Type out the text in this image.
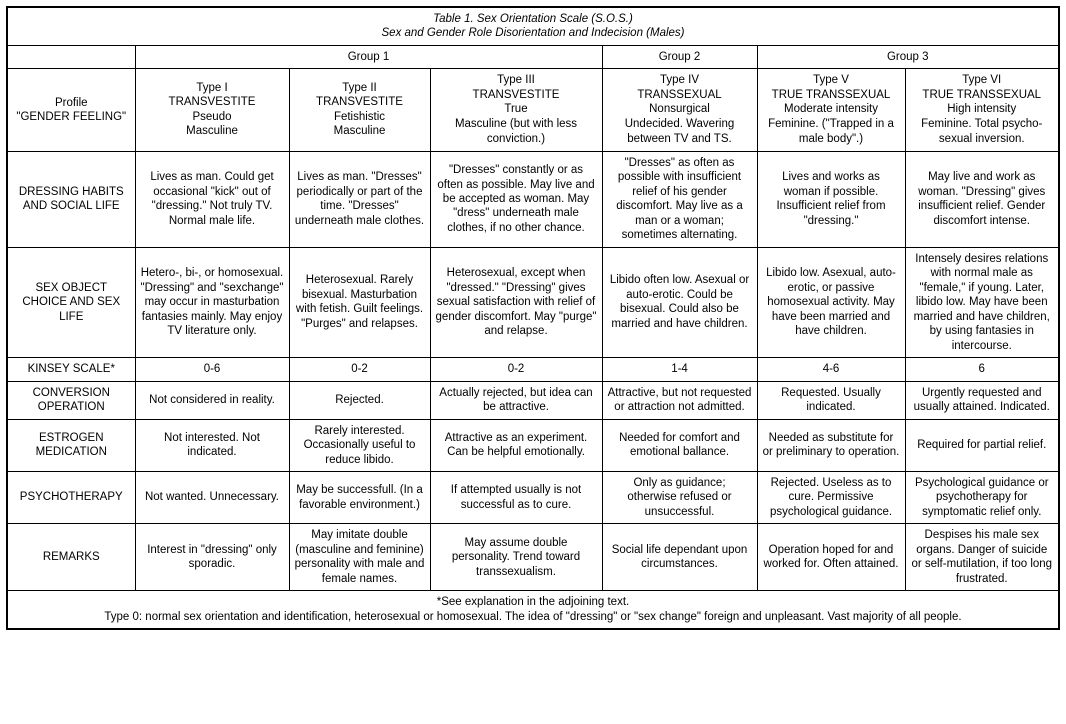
Table 1. Sex Orientation Scale (S.O.S.)
Sex and Gender Role Disorientation and Indecision (Males)						

	Group 1			Group 2	Group 3	

Profile
"GENDER FEELING"	Type I
TRANSVESTITE
Pseudo
Masculine	Type II
TRANSVESTITE
Fetishistic
Masculine	Type III
TRANSVESTITE
True
Masculine (but with less conviction.)	Type IV
TRANSSEXUAL
Nonsurgical
Undecided. Wavering between TV and TS.	Type V
TRUE TRANSSEXUAL
Moderate intensity
Feminine. ("Trapped in a male body".)	Type VI
TRUE TRANSSEXUAL
High intensity
Feminine. Total psycho-sexual inversion.

DRESSING HABITS AND SOCIAL LIFE	Lives as man. Could get occasional "kick" out of "dressing." Not truly TV. Normal male life.	Lives as man. "Dresses" periodically or part of the time. "Dresses" underneath male clothes.	"Dresses" constantly or as often as possible. May live and be accepted as woman. May "dress" underneath male clothes, if no other chance.	"Dresses" as often as possible with insufficient relief of his gender discomfort. May live as a man or a woman; sometimes alternating.	Lives and works as woman if possible. Insufficient relief from "dressing."	May live and work as woman. "Dressing" gives insufficient relief. Gender discomfort intense.
SEX OBJECT CHOICE AND SEX LIFE	Hetero-, bi-, or homosexual. "Dressing" and "sexchange" may occur in masturbation fantasies mainly. May enjoy TV literature only.	Heterosexual. Rarely bisexual. Masturbation with fetish. Guilt feelings. "Purges" and relapses.	Heterosexual, except when "dressed." "Dressing" gives sexual satisfaction with relief of gender discomfort. May "purge" and relapse.	Libido often low. Asexual or auto-erotic. Could be bisexual. Could also be married and have children.	Libido low. Asexual, auto-erotic, or passive homosexual activity. May have been married and have children.	Intensely desires relations with normal male as "female," if young. Later, libido low. May have been married and have children, by using fantasies in intercourse.
KINSEY SCALE*	0-6	0-2	0-2	1-4	4-6	6
CONVERSION OPERATION	Not considered in reality.	Rejected.	Actually rejected, but idea can be attractive.	Attractive, but not requested or attraction not admitted.	Requested. Usually indicated.	Urgently requested and usually attained. Indicated.
ESTROGEN MEDICATION	Not interested. Not indicated.	Rarely interested. Occasionally useful to reduce libido.	Attractive as an experiment. Can be helpful emotionally.	Needed for comfort and emotional ballance.	Needed as substitute for or preliminary to operation.	Required for partial relief.
PSYCHOTHERAPY	Not wanted. Unnecessary.	May be successfull. (In a favorable environment.)	If attempted usually is not successful as to cure.	Only as guidance; otherwise refused or unsuccessful.	Rejected. Useless as to cure. Permissive psychological guidance.	Psychological guidance or psychotherapy for symptomatic relief only.
REMARKS	Interest in "dressing" only sporadic.	May imitate double (masculine and feminine) personality with male and female names.	May assume double personality. Trend toward transsexualism.	Social life dependant upon circumstances.	Operation hoped for and worked for. Often attained.	Despises his male sex organs. Danger of suicide or self-mutilation, if too long frustrated.

*See explanation in the adjoining text.
Type 0: normal sex orientation and identification, heterosexual or homosexual. The idea of "dressing" or "sex change" foreign and unpleasant. Vast majority of all people.						
